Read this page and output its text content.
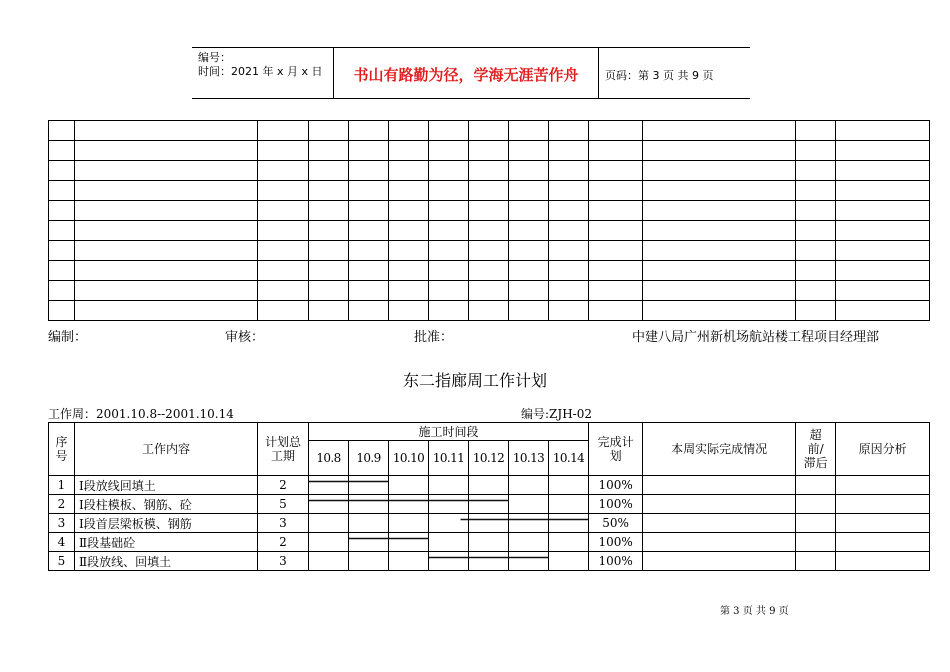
编号：
时间：2021 年 x 月 x 日	书山有路勤为径，学海无涯苦作舟	页码：第 3 页 共 9 页

编制：	审核：	批准：	中建八局广州新机场航站楼工程项目经理部
东二指廊周工作计划
工作周：2001.10.8--2001.10.14	编号:ZJH-02
序号	工作内容	计划总工期	施工时间段							完成计划	本周实际完成情况	超前/滞后	原因分析
			10.8	10.9	10.10	10.11	10.12	10.13	10.14				
1	Ⅰ段放线回填土	2								100%			
2	Ⅰ段柱模板、钢筋、砼	5								100%			
3	Ⅰ段首层梁板模、钢筋	3								50%			
4	Ⅱ段基础砼	2								100%			
5	Ⅱ段放线、回填土	3								100%			
第 3 页 共 9 页
